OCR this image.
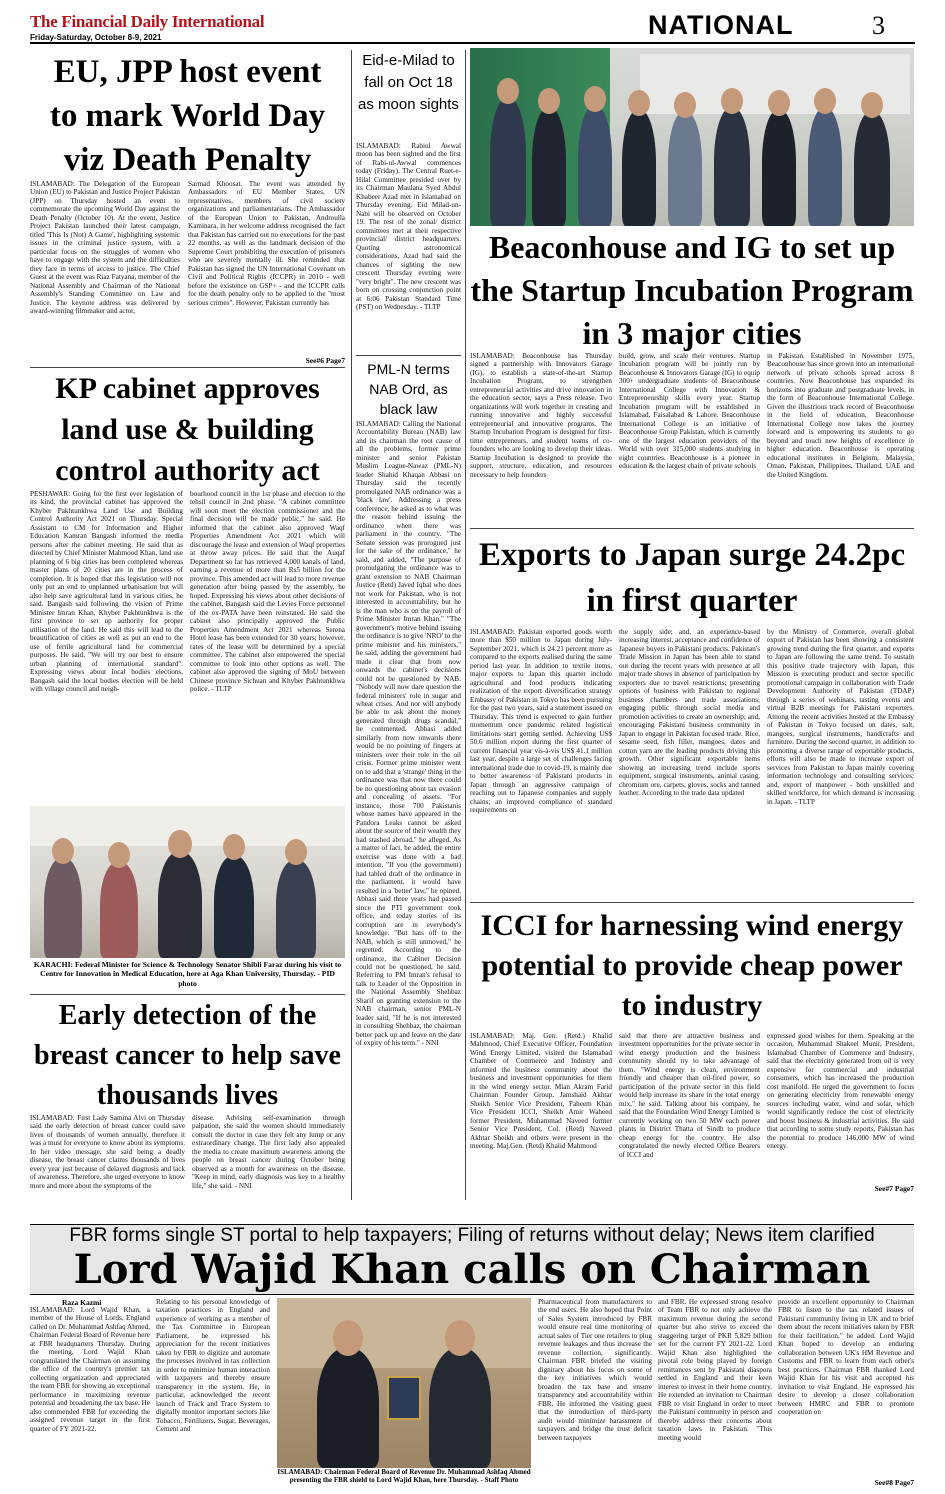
The Financial Daily International
Friday-Saturday, October 8-9, 2021	NATIONAL	3
EU, JPP host event
to mark World Day
viz Death Penalty
ISLAMABAD: The Delegation of the European Union (EU) to Pakistan and Justice Project Pakistan (JPP) on Thursday hosted an event to commemorate the upcoming World Day against the Death Penalty (October 10). At the event, Justice Project Pakistan launched their latest campaign, titled 'This Is (Not) A Game', highlighting systemic issues in the criminal justice system, with a particular focus on the struggles of women who have to engage with the system and the difficulties they face in terms of access to justice. The Chief Guest at the event was Riaz Fatyana, member of the National Assembly and Chairman of the National Assembly's Standing Committee on Law and Justice. The keynote address was delivered by award-winning filmmaker and actor,
Sarmad Khoosat. The event was attended by Ambassadors of EU Member States, UN representatives, members of civil society organizations and parliamentarians. The Ambassador of the European Union to Pakistan, Androulla Kaminara, in her welcome address recognised the fact that Pakistan has carried out no executions for the past 22 months, as well as the landmark decision of the Supreme Court prohibiting the execution of prisoners who are severely mentally ill. She reminded that Pakistan has signed the UN International Covenant on Civil and Political Rights (ICCPR) in 2010 - well before the existence on GSP+ - and the ICCPR calls for the death penalty only to be applied to the "most serious crimes". However, Pakistan currently has
See#6 Page7
Eid-e-Milad to fall on Oct 18 as moon sights
ISLAMABAD: Rabiul Awwal moon has been sighted and the first of Rabi-ul-Awwal commences today (Friday). The Central Ruet-e-Hilal Committee presided over by its Chairman Maulana Syed Abdul Khabeer Azad met in Islamabad on Thursday evening. Eid Milad-un-Nabi will be observed on October 19. The rest of the zonal/ district committees met at their respective provincial/ district headquarters. Quoting astronomical considerations, Azad had said the chances of sighting the new crescent Thursday evening were "very bright". The new crescent was born on crossing conjunction point at 6:06 Pakistan Standard Time (PST) on Wednesday. - TLTP
PML-N terms NAB Ord, as black law
ISLAMABAD: Calling the National Accountability Bureau (NAB) law and its chairman the root cause of all the problems, former prime minister and senior Pakistan Muslim League-Nawaz (PML-N) leader Shahid Khaqan Abbasi on Thursday said the recently promulgated NAB ordinance was a 'black law'. Addressing a press conference, he asked as to what was the reason behind issuing the ordinance when there was parliament in the country. "The Senate session was prorogued just for the sake of the ordinance," he said, and added, "The purpose of promulgating the ordinance was to grant extension to NAB Chairman Justice (Retd) Javed Iqbal who does not work for Pakistan, who is not interested in accountability, but he is the man who is on the payroll of Prime Minister Imran Khan." "The government's motive behind issuing the ordinance is to give 'NRO' to the prime minister and his ministers," he said, adding the government had made it clear that from now onwards the cabinet's decisions could not be questioned by NAB. "Nobody will now dare question the federal ministers' role in sugar and wheat crises. And nor will anybody be able to ask about the money generated through drugs scandal," he commented. Abbasi added similarly from now onwards there would be no pointing of fingers at ministers over their role in the oil crisis. Former prime minister went on to add that a 'strange' thing in the ordinance was that now there could be no questioning about tax evasion and concealing of assets. "For instance, those 700 Pakistanis whose names have appeared in the Pandora Leaks cannot be asked about the source of their wealth they had stashed abroad," he alleged. As a matter of fact, he added, the entire exercise was done with a bad intention. "If you (the government) had tabled draft of the ordinance in the parliament, it would have resulted in a 'better' law," he opined. Abbasi said three years had passed since the PTI government took office, and today stories of its corruption are in everybody's knowledge. "But hats off to the NAB, which is still unmoved," he regretted. According to the ordinance, the Cabinet Decision could not be questioned, he said. Referring to PM Imran's refusal to talk to Leader of the Opposition in the National Assembly Shehbaz Sharif on granting extension to the NAB chairman, senior PML-N leader said, "If he is not interested in consulting Shehbaz, the chairman better pack up and leave on the date of expiry of his term." - NNI
Beaconhouse and IG to set up the Startup Incubation Program in 3 major cities
ISLAMABAD: Beaconhouse has Thursday signed a partnership with Innovators Garage (IG), to establish a state-of-the-art Startup Incubation Program, to strengthen entrepreneurial activities and drive innovation in the education sector, says a Press release. Two organizations will work together in creating and running innovative and highly successful entrepreneurial and innovative programs. The Startup Incubation Program is designed for first-time entrepreneurs, and student teams of co-founders who are looking to develop their ideas. Startup Incubation is designed to provide the support, structure, education, and resources necessary to help founders
build, grow, and scale their ventures. Startup Incubation program will be jointly run by Beaconhouse & Innovators Garage (IG) to equip 300+ undergraduate students of Beaconhouse International College with Innovation & Entrepreneurship skills every year. Startup Incubation program will be established in Islamabad, Faisalabad & Lahore. Beaconhouse International College is an initiative of Beaconhouse Group Pakistan, which is currently one of the largest education providers of the World with over 315,000 students studying in eight countries. Beaconhouse is a pioneer in education & the largest chain of private schools
in Pakistan. Established in November 1975, Beaconhouse has since grown into an international network of private schools spread across 8 countries. Now Beaconhouse has expanded its horizons into graduate and postgraduate levels, in the form of Beaconhouse International College. Given the illustrious track record of Beaconhouse in the field of education, Beaconhouse International College now takes the journey forward and is empowering its students to go beyond and touch new heights of excellence in higher education. Beaconhouse is operating educational institutes in Belgium, Malaysia, Oman, Pakistan, Philippines, Thailand, UAE and the United Kingdom.
KP cabinet approves land use & building control authority act
PESHAWAR: Going for the first ever legislation of its kind, the provincial cabinet has approved the Khyber Pakhtunkhwa Land Use and Building Control Authority Act 2021 on Thursday. Special Assistant to CM for Information and Higher Education Kamran Bangash informed the media persons after the cabinet meeting. He said that as directed by Chief Minister Mahmood Khan, land use planning of 6 big cities has been completed whereas master plans of 20 cities are in the process of completion. It is hoped that this legislation will not only put an end to unplanned urbanisation but will also help save agricultural land in various cities, he said. Bangash said following the vision of Prime Minister Imran Khan, Khyber Pakhtunkhwa is the first province to set up authority for proper utilisation of the land. He said this will lead to the beautification of cities as well as put an end to the use of fertile agricultural land for commercial purposes. He said, "We will try our best to ensure urban planning of international standard". Expressing views about local bodies elections, Bangash said the local bodies election will be held with village council and neigh-
bourhood council in the 1st phase and election to the tehsil council in 2nd phase. "A cabinet committee will soon meet the election commissioner and the final decision will be made public," he said. He informed that the cabinet also approved Waqf Properties Amendment Act 2021 which will discourage the lease and extension of Waqf properties at throw away prices. He said that the Auqaf Department so far has retrieved 4,000 kanals of land, earning a revenue of more than Rs5 billion for the province. This amended act will lead to more revenue generation after being passed by the assembly, he hoped. Expressing his views about other decisions of the cabinet, Bangash said the Levies Force personnel of the ex-PATA have been reinstated. He said the cabinet also principally approved the Public Properties Amendment Act 2021 whereas Serena Hotel lease has been extended for 30 years; however, rates of the lease will be determined by a special committee. The cabinet also empowered the special committee to look into other options as well. The cabinet also approved the signing of MoU between Chinese province Sichuan and Khyber Pakhtunkhwa police. - TLTP
KARACHI: Federal Minister for Science & Technology Senator Shibli Faraz during his visit to Centre for Innovation in Medical Education, here at Aga Khan University, Thursday. - PID photo
Early detection of the breast cancer to help save thousands lives
ISLAMABAD: First Lady Samina Alvi on Thursday said the early detection of breast cancer could save lives of thousands of women annually, therefore it was a must for everyone to know about its symptoms. In her video message, she said being a deadly disease, the breast cancer claims thousands of lives every year just because of delayed diagnosis and lack of awareness. Therefore, she urged everyone to know more and more about the symptoms of the
disease. Advising self-examination through palpation, she said the women should immediately consult the doctor in case they felt any lump or any extraordinary change. The first lady also appealed the media to create maximum awareness among the people on breast cancer during October being observed as a month for awareness on the disease. "Keep in mind, early diagnosis was key to a healthy life," she said. - NNI
Exports to Japan surge 24.2pc in first quarter
ISLAMABAD: Pakistan exported goods worth more than $50 million to Japan during July-September 2021, which is 24.21 percent more as compared to the exports realised during the same period last year. In addition to textile items, major exports to Japan this quarter include agricultural and food products indicating realization of the export diversification strategy Embassy of Pakistan in Tokyo has been pursuing for the past two years, said a statement issued on Thursday. This trend is expected to gain further momentum once pandemic related logistical limitations start getting settled. Achieving US$ 50.6 million export during the first quarter of current financial year vis-à-vis US$ 41.1 million last year, despite a large set of challenges facing international trade due to covid-19, is mainly due to better awareness of Pakistani products in Japan through an aggressive campaign of reaching out to Japanese companies and supply chains; an improved compliance of standard requirements on
the supply side; and, an experience-based increasing interest, acceptance and confidence of Japanese buyers in Pakistani products. Pakistan's Trade Mission in Japan has been able to stand out during the recent years with presence at all major trade shows in absence of participation by exporters due to travel restrictions; presenting options of business with Pakistan to regional business chambers and trade associations; engaging public through social media and promotion activities to create an ownership; and, encouraging Pakistani business community in Japan to engage in Pakistan focused trade. Rice, sesame seed, fish fillet, mangoes, dates and cotton yarn are the leading products driving this growth. Other significant exportable items showing an increasing trend include sports equipment, surgical instruments, animal casing, chromium ore, carpets, gloves, socks and tanned leather. According to the trade data updated
by the Ministry of Commerce, overall global export of Pakistan has been showing a consistent growing trend during the first quarter, and exports to Japan are following the same trend. To sustain this positive trade trajectory with Japan, this Mission is executing product and sector specific promotional campaign in collaboration with Trade Development Authority of Pakistan (TDAP) through a series of webinars, tasting events and virtual B2B meetings for Pakistani exporters. Among the recent activities hosted at the Embassy of Pakistan in Tokyo focused on dates, salt, mangoes, surgical instruments, handicrafts and furniture. During the second quarter, in addition to promoting a diverse range of exportable products, efforts will also be made to increase export of services from Pakistan to Japan mainly covering information technology and consulting services; and, export of manpower - both unskilled and skilled workforce, for which demand is increasing in Japan. - TLTP
ICCI for harnessing wind energy potential to provide cheap power to industry
ISLAMABAD: Maj. Gen. (Retd.) Khalid Mahmood, Chief Executive Officer, Foundation Wind Energy Limited, visited the Islamabad Chamber of Commerce and Industry and informed the business community about the business and investment opportunities for them in the wind energy sector. Mian Akram Farid Chairman Founder Group, Jamshaid Akhtar Sheikh Senior Vice President, Faheem Khan Vice President ICCI, Sheikh Amir Waheed former President, Muhammad Naveed former Senior Vice President, Col. (Retd) Naveed Akhtar Sheikh and others were present in the meeting. Maj.Gen. (Retd) Khalid Mahmood
said that there are attractive business and investment opportunities for the private sector in wind energy production and the business community should try to take advantage of them. "Wind energy is clean, environment friendly and cheaper than oil-fired power, so participation of the private sector in this field would help increase its share in the total energy mix," he said. Talking about his company, he said that the Foundation Wind Energy Limited is currently working on two 50 MW each power plants in District Thatta of Sindh to produce cheap energy for the country. He also congratulated the newly elected Office Bearers of ICCI and
expressed good wishes for them. Speaking at the occasion, Muhammad Shakeel Munir, President, Islamabad Chamber of Commerce and Industry, said that the electricity generated from oil is very expensive for commercial and industrial consumers, which has increased the production cost manifold. He urged the government to focus on generating electricity from renewable energy sources including water, wind and solar, which would significantly reduce the cost of electricity and boost business & industrial activities. He said that according to some study reports, Pakistan has the potential to produce 146,000 MW of wind energy.
See#7 Page7
FBR forms single ST portal to help taxpayers; Filing of returns without delay; News item clarified
Lord Wajid Khan calls on Chairman
Raza Kazmi
ISLAMABAD: Lord Wajid Khan, a member of the House of Lords, England called on Dr. Muhammad Ashfaq Ahmed, Chairman Federal Board of Revenue here at FBR headquarters Thursday. During the meeting, Lord Wajid Khan congratulated the Chairman on assuming the office of the country's premier tax collecting organization and appreciated the team FBR for showing an exceptional performance in maximizing revenue potential and broadening the tax base. He also commended FBR for exceeding the assigned revenue target in the first quarter of FY 2021-22.
Relating to his personal knowledge of taxation practices in England and experience of working as a member of the Tax Committee in European Parliament, he expressed his appreciation for the recent initiatives taken by FBR to digitize and automate the processes involved in tax collection in order to minimize human interaction with taxpayers and thereby ensure transparency in the system. He, in particular, acknowledged the recent launch of Track and Trace System to digitally monitor important sectors like Tobacco, Fertilizers, Sugar, Beverages, Cement and
ISLAMABAD: Chairman Federal Board of Revenue Dr. Muhammad Ashfaq Ahmed presenting the FBR shield to Lord Wajid Khan, here Thursday. - Staff Photo
Pharmaceutical from manufacturers to the end users. He also hoped that Point of Sales System introduced by FBR would ensure real time monitoring of actual sales of Tier one retailers to plug revenue leakages and thus increase the revenue collection, significantly. Chairman FBR briefed the visiting dignitary about his focus on some of the key initiatives which would broaden the tax base and ensure transparency and accountability within FBR. He informed the visiting guest that the introduction of third-party audit would minimize harassment of taxpayers and bridge the trust deficit between taxpayers
and FBR. He expressed strong resolve of Team FBR to not only achieve the maximum revenue during the second quarter but also strive to exceed the staggering target of PKR 5,829 billion set for the current FY 2021-22. Lord Wajid Khan also highlighted the pivotal role being played by foreign remittances sent by Pakistani diaspora settled in England and their keen interest to invest in their home country. He extended an invitation to Chairman FBR to visit England in order to meet the Pakistani community in person and thereby address their concerns about taxation laws in Pakistan. "This meeting would
provide an excellent opportunity to Chairman FBR to listen to the tax related issues of Pakistani community living in UK and to brief them about the recent initiatives taken by FBR for their facilitation," he added. Lord Wajid Khan hoped to develop an enduring collaboration between UK's HM Revenue and Customs and FBR to learn from each other's best practices. Chairman FBR thanked Lord Wajid Khan for his visit and accepted his invitation to visit England. He expressed his desire to develop a closer collaboration between HMRC and FBR to promote cooperation on
See#8 Page7
